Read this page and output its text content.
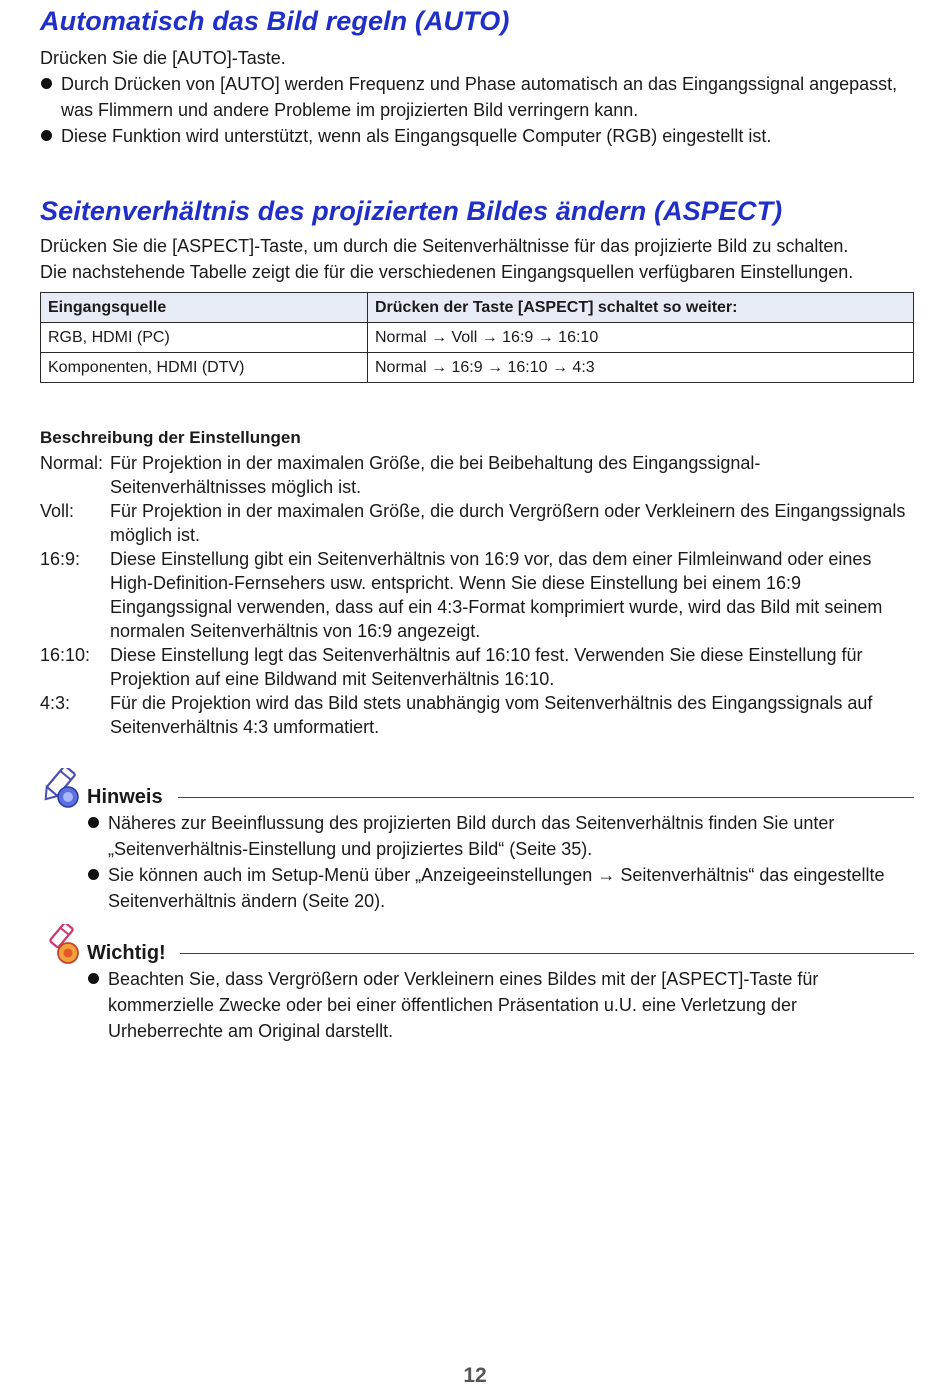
Automatisch das Bild regeln (AUTO)

Drücken Sie die [AUTO]-Taste.

Durch Drücken von [AUTO] werden Frequenz und Phase automatisch an das Eingangssignal angepasst, was Flimmern und andere Probleme im projizierten Bild verringern kann.
Diese Funktion wird unterstützt, wenn als Eingangsquelle Computer (RGB) eingestellt ist.
Seitenverhältnis des projizierten Bildes ändern (ASPECT)

Drücken Sie die [ASPECT]-Taste, um durch die Seitenverhältnisse für das projizierte Bild zu schalten.

Die nachstehende Tabelle zeigt die für die verschiedenen Eingangsquellen verfügbaren Einstellungen.

Eingangsquelle	Drücken der Taste [ASPECT] schaltet so weiter:
RGB, HDMI (PC)	Normal → Voll → 16:9 → 16:10
Komponenten, HDMI (DTV)	Normal → 16:9 → 16:10 → 4:3
Beschreibung der Einstellungen
Normal: Für Projektion in der maximalen Größe, die bei Beibehaltung des Eingangssignal-Seitenverhältnisses möglich ist.
Voll:	Für Projektion in der maximalen Größe, die durch Vergrößern oder Verkleinern des Eingangssignals möglich ist.
16:9:	Diese Einstellung gibt ein Seitenverhältnis von 16:9 vor, das dem einer Filmleinwand oder eines High-Definition-Fernsehers usw. entspricht. Wenn Sie diese Einstellung bei einem 16:9 Eingangssignal verwenden, dass auf ein 4:3-Format komprimiert wurde, wird das Bild mit seinem normalen Seitenverhältnis von 16:9 angezeigt.
16:10:	Diese Einstellung legt das Seitenverhältnis auf 16:10 fest. Verwenden Sie diese Einstellung für Projektion auf eine Bildwand mit Seitenverhältnis 16:10.
4:3:	Für die Projektion wird das Bild stets unabhängig vom Seitenverhältnis des Eingangssignals auf Seitenverhältnis 4:3 umformatiert.
Hinweis
Näheres zur Beeinflussung des projizierten Bild durch das Seitenverhältnis finden Sie unter „Seitenverhältnis-Einstellung und projiziertes Bild“ (Seite 35).
Sie können auch im Setup-Menü über „Anzeigeeinstellungen → Seitenverhältnis“ das eingestellte Seitenverhältnis ändern (Seite 20).
Wichtig!
Beachten Sie, dass Vergrößern oder Verkleinern eines Bildes mit der [ASPECT]-Taste für kommerzielle Zwecke oder bei einer öffentlichen Präsentation u.U. eine Verletzung der Urheberrechte am Original darstellt.
12
